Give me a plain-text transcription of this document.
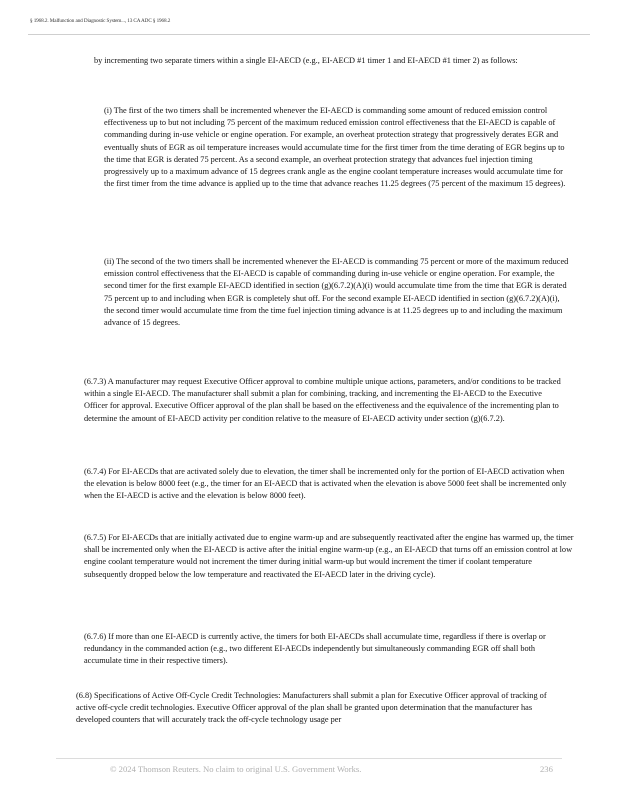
§ 1968.2. Malfunction and Diagnostic System..., 13 CA ADC § 1968.2

by incrementing two separate timers within a single EI-AECD (e.g., EI-AECD #1 timer 1 and EI-AECD #1 timer 2) as follows:

(i) The first of the two timers shall be incremented whenever the EI-AECD is commanding some amount of reduced emission control effectiveness up to but not including 75 percent of the maximum reduced emission control effectiveness that the EI-AECD is capable of commanding during in-use vehicle or engine operation. For example, an overheat protection strategy that progressively derates EGR and eventually shuts of EGR as oil temperature increases would accumulate time for the first timer from the time derating of EGR begins up to the time that EGR is derated 75 percent. As a second example, an overheat protection strategy that advances fuel injection timing progressively up to a maximum advance of 15 degrees crank angle as the engine coolant temperature increases would accumulate time for the first timer from the time advance is applied up to the time that advance reaches 11.25 degrees (75 percent of the maximum 15 degrees).

(ii) The second of the two timers shall be incremented whenever the EI-AECD is commanding 75 percent or more of the maximum reduced emission control effectiveness that the EI-AECD is capable of commanding during in-use vehicle or engine operation. For example, the second timer for the first example EI-AECD identified in section (g)(6.7.2)(A)(i) would accumulate time from the time that EGR is derated 75 percent up to and including when EGR is completely shut off. For the second example EI-AECD identified in section (g)(6.7.2)(A)(i), the second timer would accumulate time from the time fuel injection timing advance is at 11.25 degrees up to and including the maximum advance of 15 degrees.

(6.7.3) A manufacturer may request Executive Officer approval to combine multiple unique actions, parameters, and/or conditions to be tracked within a single EI-AECD. The manufacturer shall submit a plan for combining, tracking, and incrementing the EI-AECD to the Executive Officer for approval. Executive Officer approval of the plan shall be based on the effectiveness and the equivalence of the incrementing plan to determine the amount of EI-AECD activity per condition relative to the measure of EI-AECD activity under section (g)(6.7.2).

(6.7.4) For EI-AECDs that are activated solely due to elevation, the timer shall be incremented only for the portion of EI-AECD activation when the elevation is below 8000 feet (e.g., the timer for an EI-AECD that is activated when the elevation is above 5000 feet shall be incremented only when the EI-AECD is active and the elevation is below 8000 feet).

(6.7.5) For EI-AECDs that are initially activated due to engine warm-up and are subsequently reactivated after the engine has warmed up, the timer shall be incremented only when the EI-AECD is active after the initial engine warm-up (e.g., an EI-AECD that turns off an emission control at low engine coolant temperature would not increment the timer during initial warm-up but would increment the timer if coolant temperature subsequently dropped below the low temperature and reactivated the EI-AECD later in the driving cycle).

(6.7.6) If more than one EI-AECD is currently active, the timers for both EI-AECDs shall accumulate time, regardless if there is overlap or redundancy in the commanded action (e.g., two different EI-AECDs independently but simultaneously commanding EGR off shall both accumulate time in their respective timers).

(6.8) Specifications of Active Off-Cycle Credit Technologies: Manufacturers shall submit a plan for Executive Officer approval of tracking of active off-cycle credit technologies. Executive Officer approval of the plan shall be granted upon determination that the manufacturer has developed counters that will accurately track the off-cycle technology usage per

© 2024 Thomson Reuters. No claim to original U.S. Government Works.	236
